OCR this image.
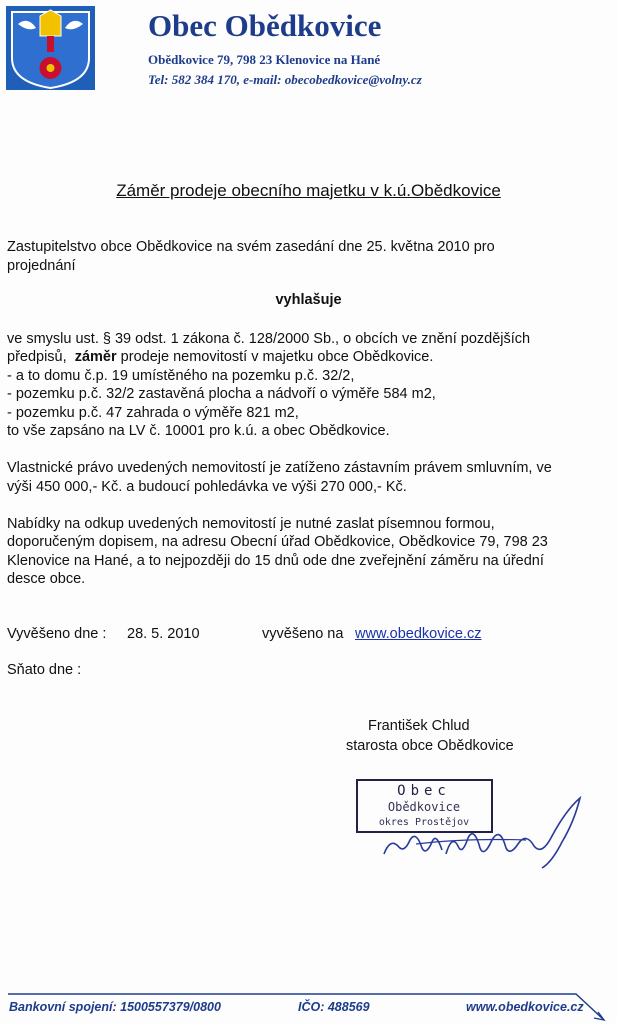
Obec Obědkovice
Obědkovice 79, 798 23 Klenovice na Hané
Tel: 582 384 170, e-mail: obecobedkovice@volny.cz
Záměr prodeje obecního majetku v k.ú.Obědkovice
Zastupitelstvo obce Obědkovice na svém zasedání dne 25. května 2010 pro
projednání
vyhlašuje
ve smyslu ust. § 39 odst. 1 zákona č. 128/2000 Sb., o obcích ve znění pozdějších
předpisů, záměr prodeje nemovitostí v majetku obce Obědkovice.
- a to domu č.p. 19 umístěného na pozemku p.č. 32/2,
- pozemku p.č. 32/2 zastavěná plocha a nádvoří o výměře 584 m2,
- pozemku p.č. 47 zahrada o výměře 821 m2,
to vše zapsáno na LV č. 10001 pro k.ú. a obec Obědkovice.
Vlastnické právo uvedených nemovitostí je zatíženo zástavním právem smluvním, ve
výši 450 000,- Kč. a budoucí pohledávka ve výši 270 000,- Kč.
Nabídky na odkup uvedených nemovitostí je nutné zaslat písemnou formou,
doporučeným dopisem, na adresu Obecní úřad Obědkovice, Obědkovice 79, 798 23
Klenovice na Hané, a to nejpozději do 15 dnů ode dne zveřejnění záměru na úřední
desce obce.
Vyvěšeno dne : 28. 5. 2010	vyvěšeno na www.obedkovice.cz
Sňato dne :
František Chlud
starosta obce Obědkovice
Obec
Obědkovice
okres Prostějov
Bankovní spojení: 1500557379/0800	IČO: 488569	www.obedkovice.cz
